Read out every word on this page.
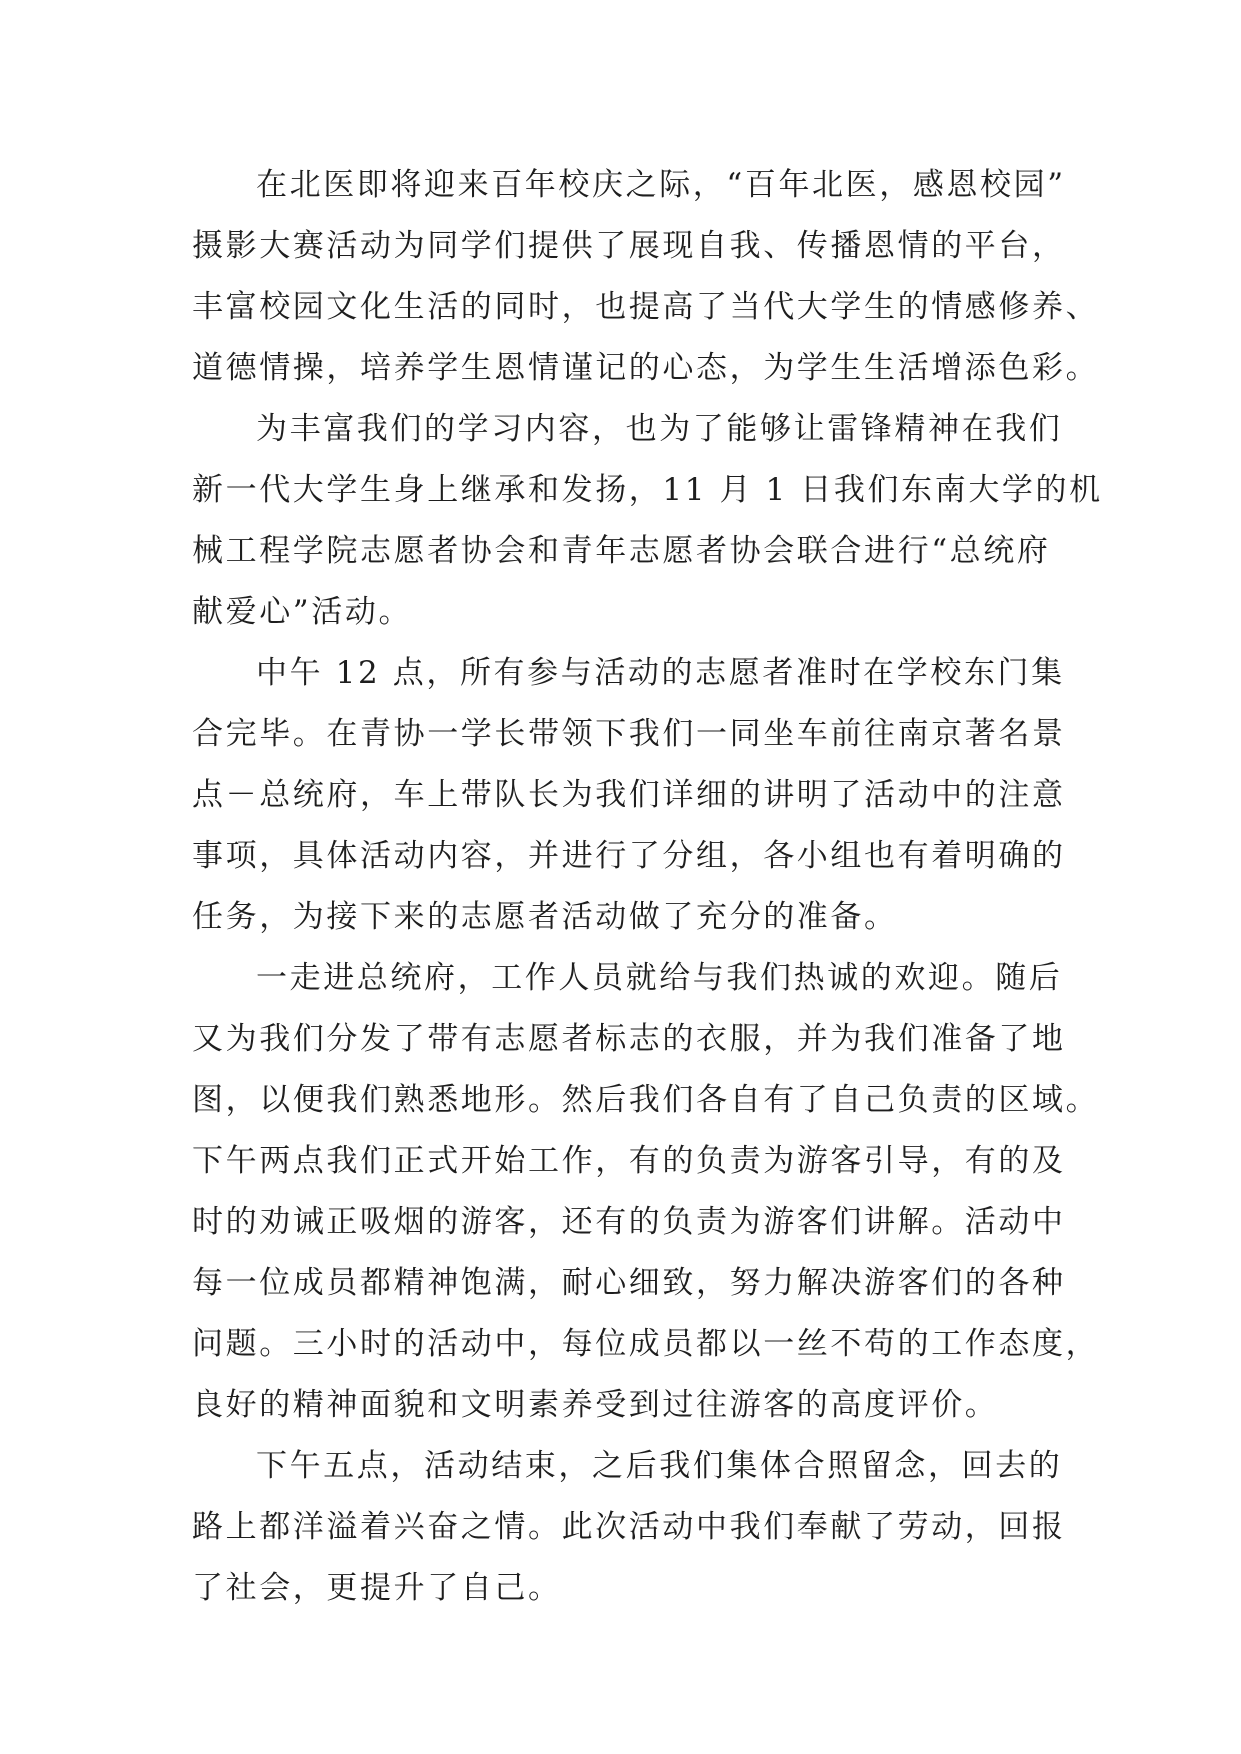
在北医即将迎来百年校庆之际，“百年北医，感恩校园”
摄影大赛活动为同学们提供了展现自我、传播恩情的平台，
丰富校园文化生活的同时，也提高了当代大学生的情感修养、
道德情操，培养学生恩情谨记的心态，为学生生活增添色彩。
为丰富我们的学习内容，也为了能够让雷锋精神在我们
新一代大学生身上继承和发扬，11 月 1 日我们东南大学的机
械工程学院志愿者协会和青年志愿者协会联合进行“总统府
献爱心”活动。
中午 12 点，所有参与活动的志愿者准时在学校东门集
合完毕。在青协一学长带领下我们一同坐车前往南京著名景
点－总统府，车上带队长为我们详细的讲明了活动中的注意
事项，具体活动内容，并进行了分组，各小组也有着明确的
任务，为接下来的志愿者活动做了充分的准备。
一走进总统府，工作人员就给与我们热诚的欢迎。随后
又为我们分发了带有志愿者标志的衣服，并为我们准备了地
图，以便我们熟悉地形。然后我们各自有了自己负责的区域。
下午两点我们正式开始工作，有的负责为游客引导，有的及
时的劝诫正吸烟的游客，还有的负责为游客们讲解。活动中
每一位成员都精神饱满，耐心细致，努力解决游客们的各种
问题。三小时的活动中，每位成员都以一丝不苟的工作态度，
良好的精神面貌和文明素养受到过往游客的高度评价。
下午五点，活动结束，之后我们集体合照留念，回去的
路上都洋溢着兴奋之情。此次活动中我们奉献了劳动，回报
了社会，更提升了自己。
